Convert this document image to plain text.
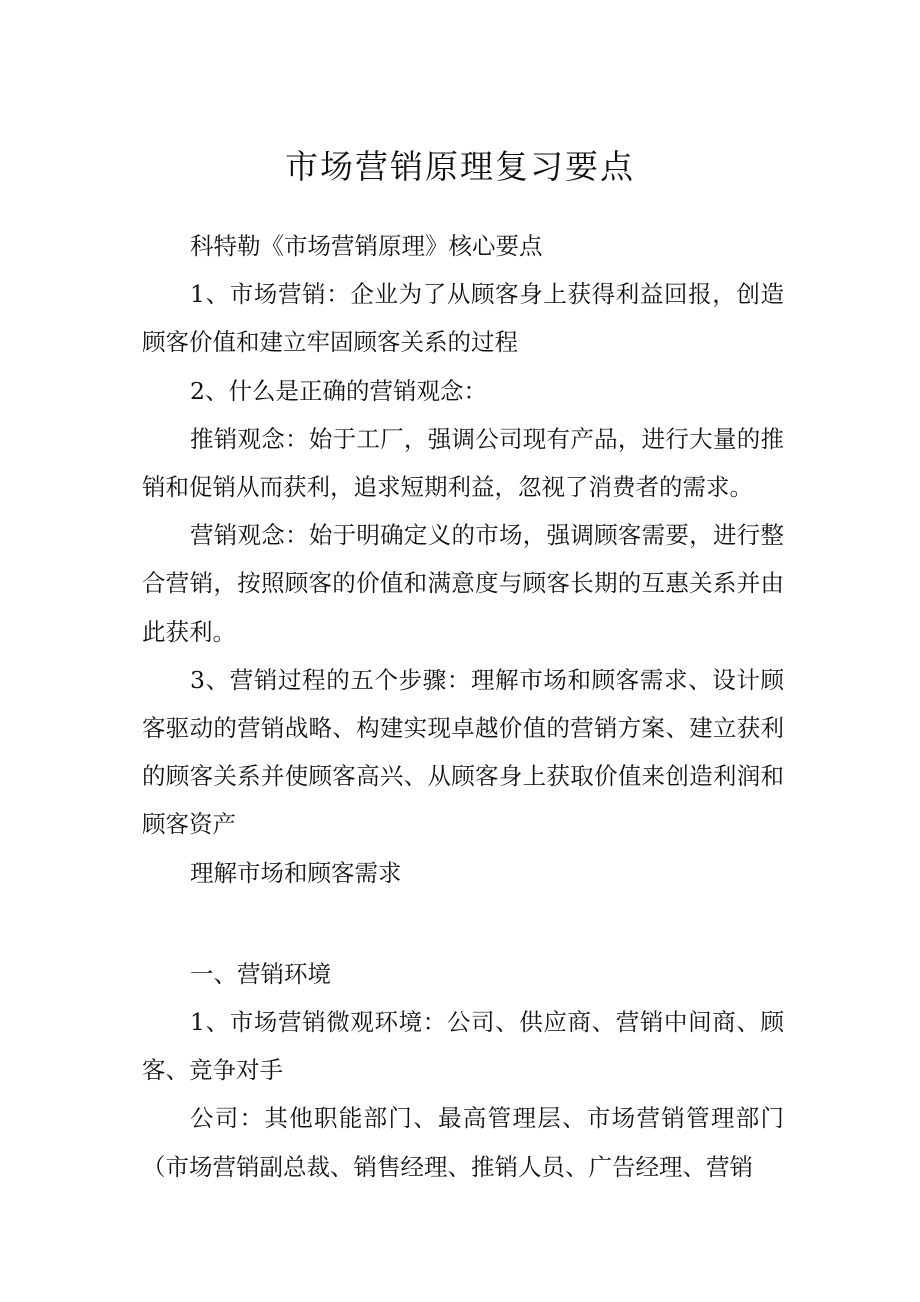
市场营销原理复习要点

科特勒《市场营销原理》核心要点

1、市场营销：企业为了从顾客身上获得利益回报，创造顾客价值和建立牢固顾客关系的过程

2、什么是正确的营销观念：

推销观念：始于工厂，强调公司现有产品，进行大量的推销和促销从而获利，追求短期利益，忽视了消费者的需求。

营销观念：始于明确定义的市场，强调顾客需要，进行整合营销，按照顾客的价值和满意度与顾客长期的互惠关系并由此获利。

3、营销过程的五个步骤：理解市场和顾客需求、设计顾客驱动的营销战略、构建实现卓越价值的营销方案、建立获利的顾客关系并使顾客高兴、从顾客身上获取价值来创造利润和顾客资产

理解市场和顾客需求

一、营销环境

1、市场营销微观环境：公司、供应商、营销中间商、顾客、竞争对手

公司：其他职能部门、最高管理层、市场营销管理部门（市场营销副总裁、销售经理、推销人员、广告经理、营销
